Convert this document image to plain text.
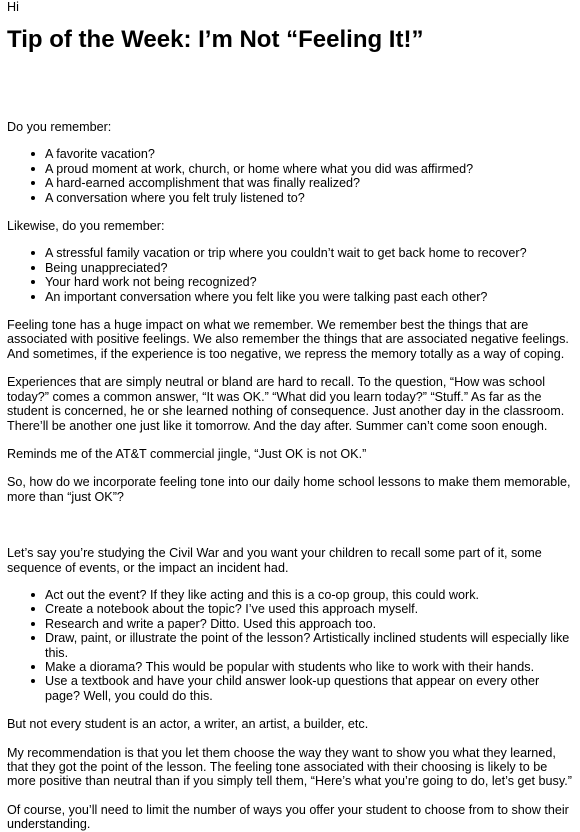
Hi

Tip of the Week: I’m Not “Feeling It!”

Do you remember:

A favorite vacation?
A proud moment at work, church, or home where what you did was affirmed?
A hard-earned accomplishment that was finally realized?
A conversation where you felt truly listened to?

Likewise, do you remember:

A stressful family vacation or trip where you couldn’t wait to get back home to recover?
Being unappreciated?
Your hard work not being recognized?
An important conversation where you felt like you were talking past each other?

Feeling tone has a huge impact on what we remember. We remember best the things that are associated with positive feelings. We also remember the things that are associated negative feelings. And sometimes, if the experience is too negative, we repress the memory totally as a way of coping.

Experiences that are simply neutral or bland are hard to recall. To the question, “How was school today?” comes a common answer, “It was OK.” “What did you learn today?” “Stuff.” As far as the student is concerned, he or she learned nothing of consequence. Just another day in the classroom. There’ll be another one just like it tomorrow. And the day after. Summer can’t come soon enough.

Reminds me of the AT&T commercial jingle, “Just OK is not OK.”

So, how do we incorporate feeling tone into our daily home school lessons to make them memorable, more than “just OK”?

Let’s say you’re studying the Civil War and you want your children to recall some part of it, some sequence of events, or the impact an incident had.

Act out the event? If they like acting and this is a co-op group, this could work.
Create a notebook about the topic? I’ve used this approach myself.
Research and write a paper? Ditto. Used this approach too.
Draw, paint, or illustrate the point of the lesson? Artistically inclined students will especially like this.
Make a diorama? This would be popular with students who like to work with their hands.
Use a textbook and have your child answer look-up questions that appear on every other page? Well, you could do this.

But not every student is an actor, a writer, an artist, a builder, etc.

My recommendation is that you let them choose the way they want to show you what they learned, that they got the point of the lesson. The feeling tone associated with their choosing is likely to be more positive than neutral than if you simply tell them, “Here’s what you’re going to do, let’s get busy.”

Of course, you’ll need to limit the number of ways you offer your student to choose from to show their understanding.
